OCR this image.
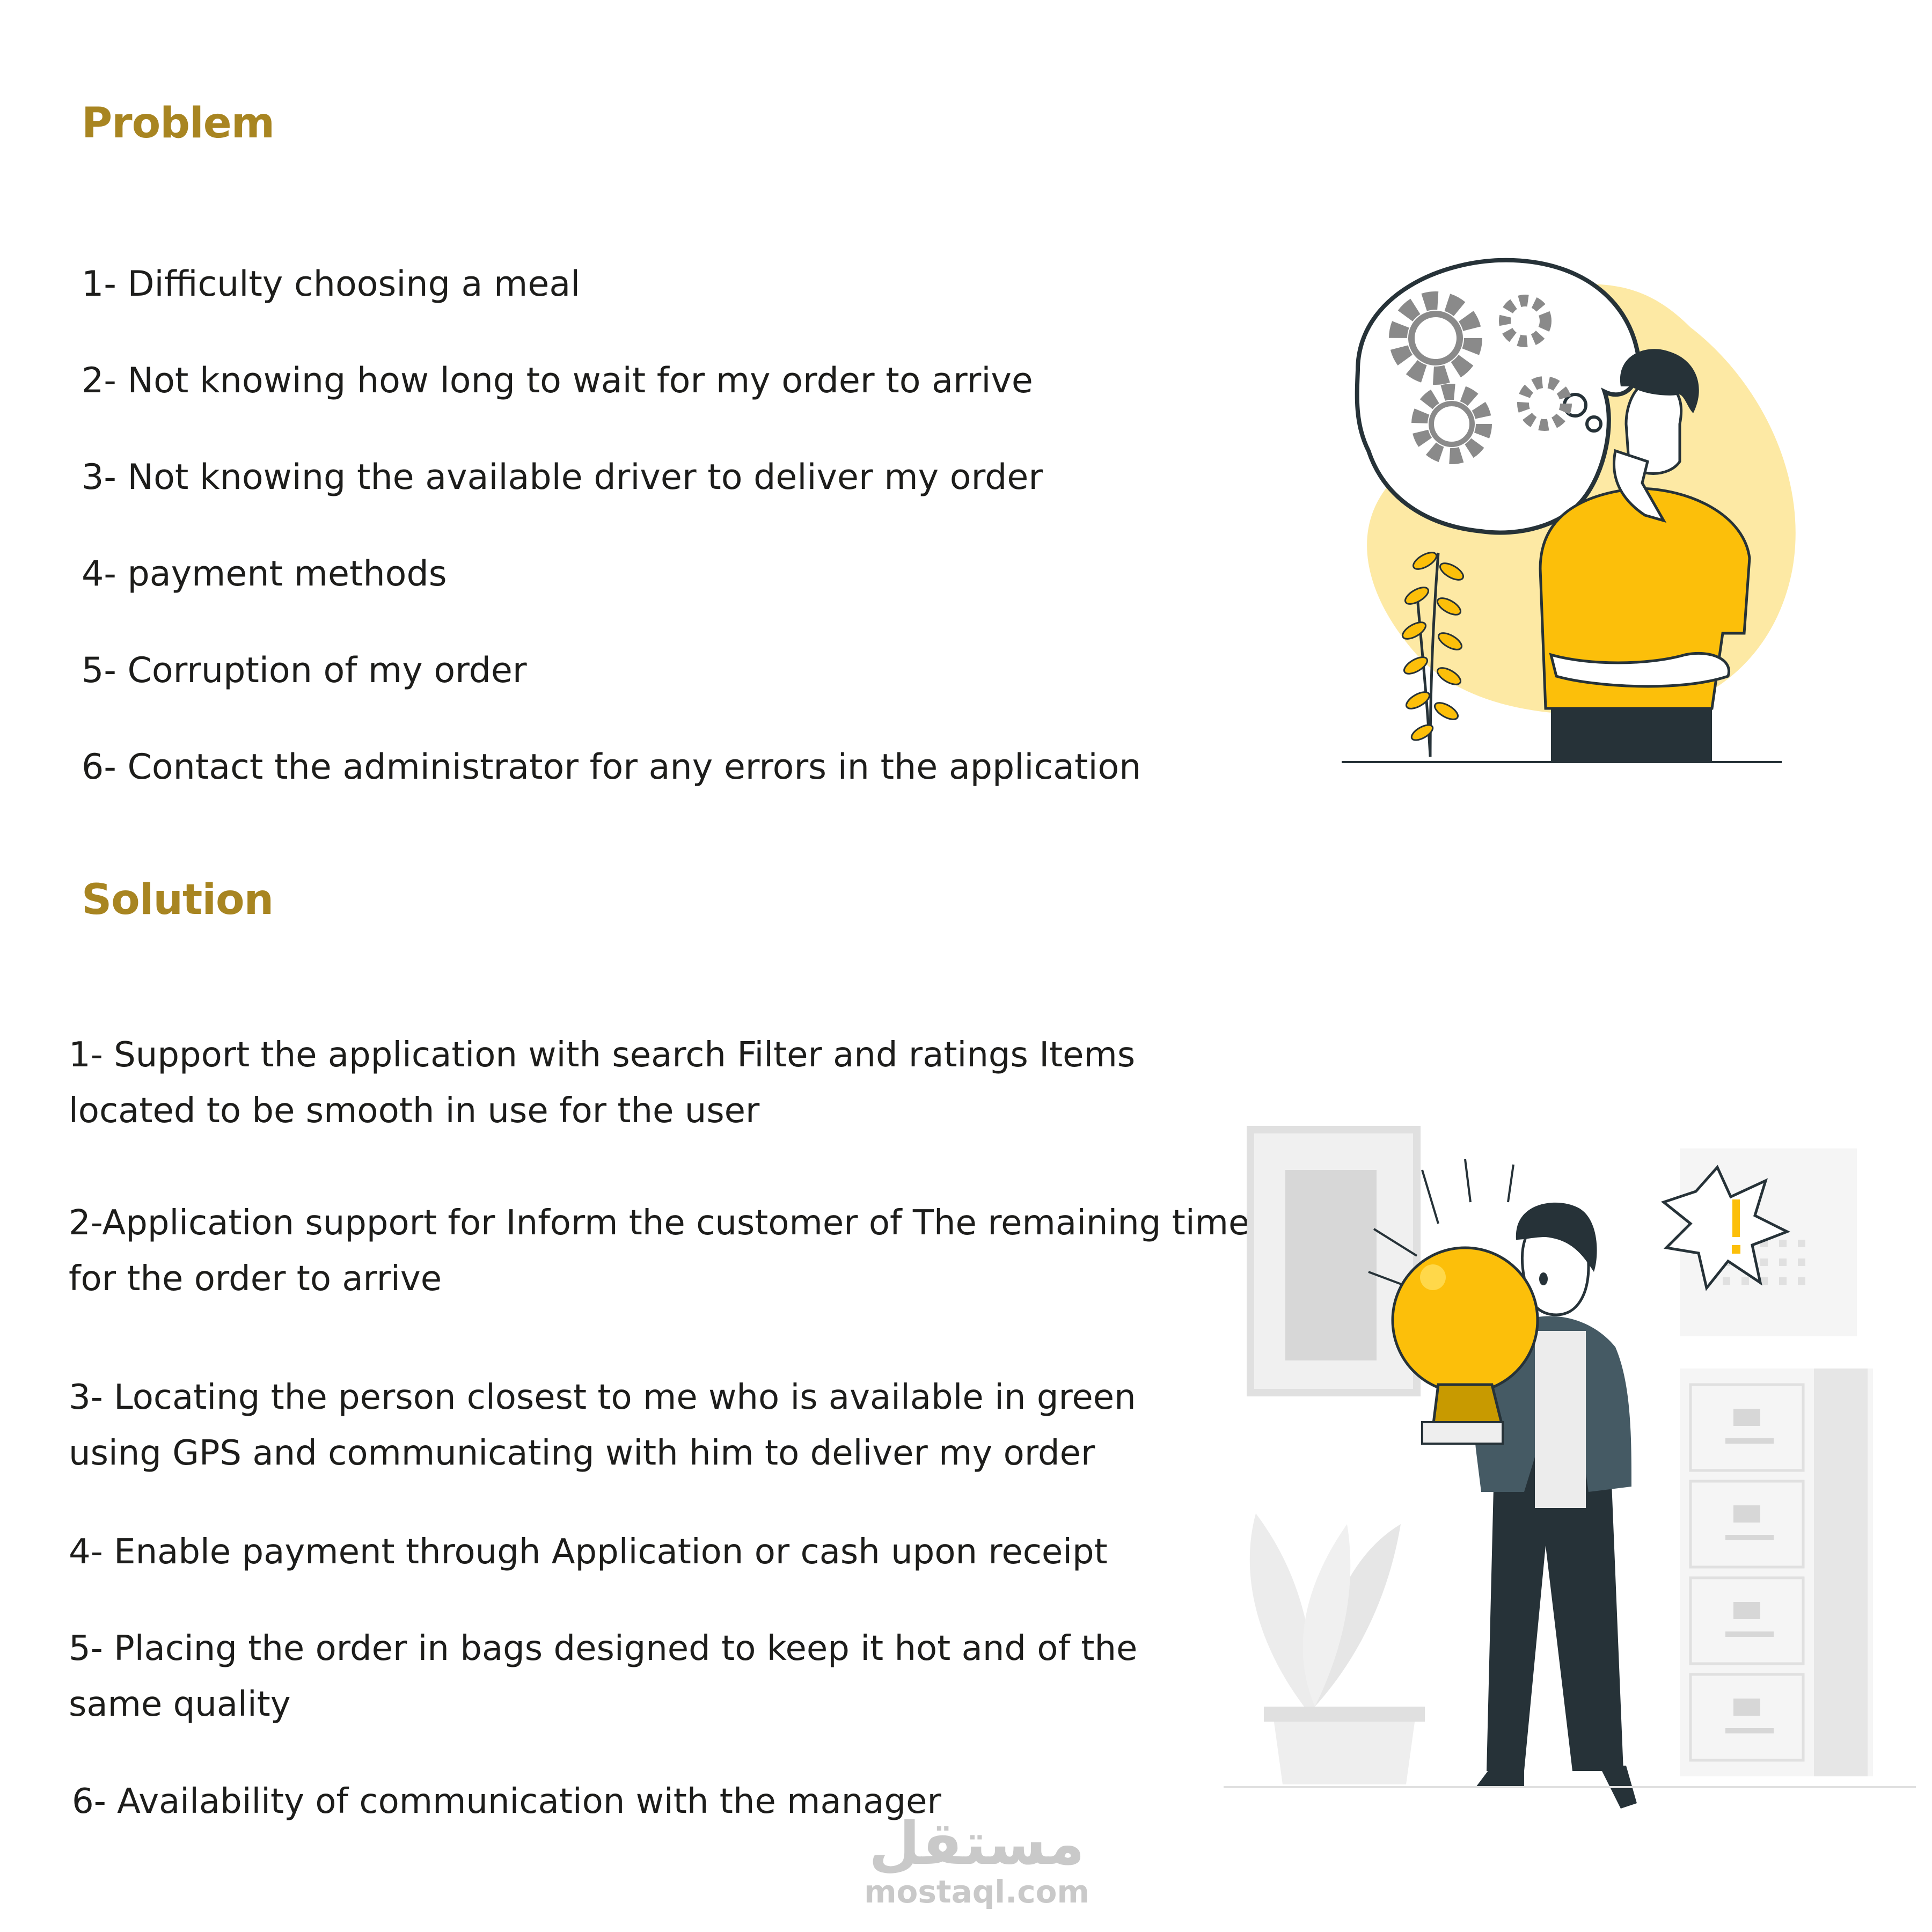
Problem

1- Difficulty choosing a meal

2- Not knowing how long to wait for my order to arrive

3- Not knowing the available driver to deliver my order

4- payment methods

5- Corruption of my order

6- Contact the administrator for any errors in the application

Solution

1- Support the application with search Filter and ratings Items located to be smooth in use for the user

2-Application support for Inform the customer of The remaining time for the order to arrive

3- Locating the person closest to me who is available in green using GPS and communicating with him to deliver my order

4- Enable payment through Application or cash upon receipt

5- Placing the order in bags designed to keep it hot and of the same quality

6- Availability of communication with the manager

مستقل
mostaql.com
